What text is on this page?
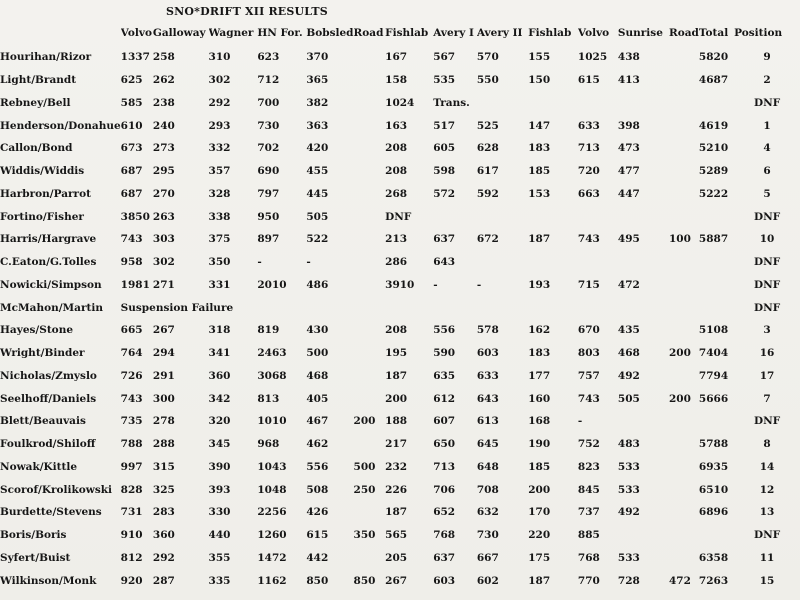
SNO*DRIFT XII RESULTS
	Volvo	Galloway	Wagner	HN For.	Bobsled	Road	Fishlab	Avery I	Avery II	Fishlab	Volvo	Sunrise	Road	Total	Position
Hourihan/Rizor	1337	258	310	623	370		167	567	570	155	1025	438		5820	9
Light/Brandt	625	262	302	712	365		158	535	550	150	615	413		4687	2
Rebney/Bell	585	238	292	700	382		1024	Trans.							DNF
Henderson/Donahue	610	240	293	730	363		163	517	525	147	633	398		4619	1
Callon/Bond	673	273	332	702	420		208	605	628	183	713	473		5210	4
Widdis/Widdis	687	295	357	690	455		208	598	617	185	720	477		5289	6
Harbron/Parrot	687	270	328	797	445		268	572	592	153	663	447		5222	5
Fortino/Fisher	3850	263	338	950	505		DNF								DNF
Harris/Hargrave	743	303	375	897	522		213	637	672	187	743	495	100	5887	10
C.Eaton/G.Tolles	958	302	350	-	-		286	643							DNF
Nowicki/Simpson	1981	271	331	2010	486		3910	-	-	193	715	472			DNF
McMahon/Martin	Suspension Failure														DNF
Hayes/Stone	665	267	318	819	430		208	556	578	162	670	435		5108	3
Wright/Binder	764	294	341	2463	500		195	590	603	183	803	468	200	7404	16
Nicholas/Zmyslo	726	291	360	3068	468		187	635	633	177	757	492		7794	17
Seelhoff/Daniels	743	300	342	813	405		200	612	643	160	743	505	200	5666	7
Blett/Beauvais	735	278	320	1010	467	200	188	607	613	168	-				DNF
Foulkrod/Shiloff	788	288	345	968	462		217	650	645	190	752	483		5788	8
Nowak/Kittle	997	315	390	1043	556	500	232	713	648	185	823	533		6935	14
Scorof/Krolikowski	828	325	393	1048	508	250	226	706	708	200	845	533		6510	12
Burdette/Stevens	731	283	330	2256	426		187	652	632	170	737	492		6896	13
Boris/Boris	910	360	440	1260	615	350	565	768	730	220	885				DNF
Syfert/Buist	812	292	355	1472	442		205	637	667	175	768	533		6358	11
Wilkinson/Monk	920	287	335	1162	850	850	267	603	602	187	770	728	472	7263	15
